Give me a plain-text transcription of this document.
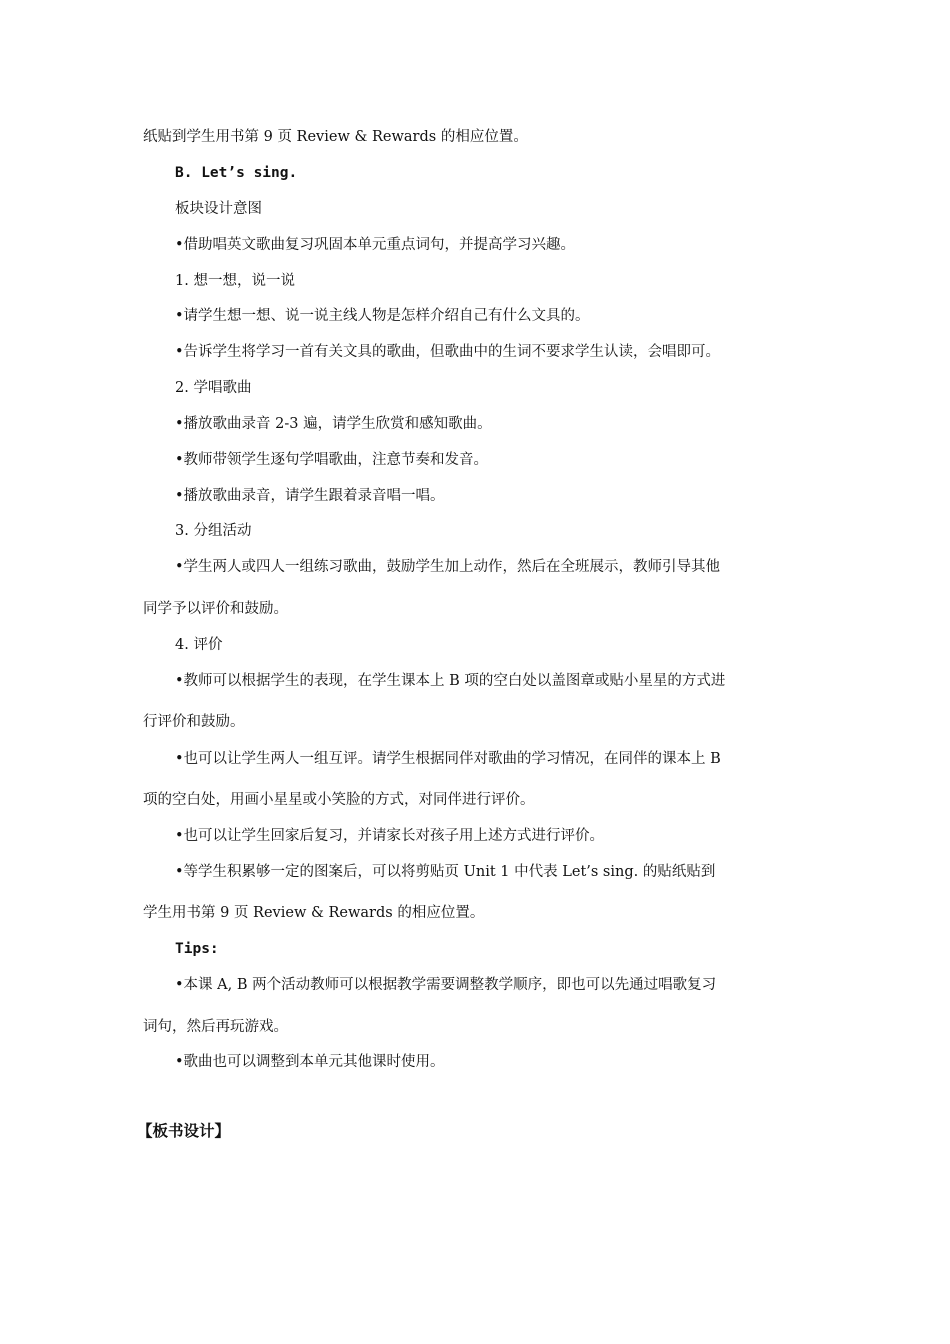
纸贴到学生用书第 9 页 Review & Rewards 的相应位置。
B. Let’s sing.
板块设计意图
•借助唱英文歌曲复习巩固本单元重点词句，并提高学习兴趣。
1. 想一想，说一说
•请学生想一想、说一说主线人物是怎样介绍自己有什么文具的。
•告诉学生将学习一首有关文具的歌曲，但歌曲中的生词不要求学生认读，会唱即可。
2. 学唱歌曲
•播放歌曲录音 2-3 遍，请学生欣赏和感知歌曲。
•教师带领学生逐句学唱歌曲，注意节奏和发音。
•播放歌曲录音，请学生跟着录音唱一唱。
3. 分组活动
•学生两人或四人一组练习歌曲，鼓励学生加上动作，然后在全班展示，教师引导其他
同学予以评价和鼓励。
4. 评价
•教师可以根据学生的表现，在学生课本上 B 项的空白处以盖图章或贴小星星的方式进
行评价和鼓励。
•也可以让学生两人一组互评。请学生根据同伴对歌曲的学习情况，在同伴的课本上 B
项的空白处，用画小星星或小笑脸的方式，对同伴进行评价。
•也可以让学生回家后复习，并请家长对孩子用上述方式进行评价。
•等学生积累够一定的图案后，可以将剪贴页 Unit 1 中代表 Let’s sing. 的贴纸贴到
学生用书第 9 页 Review & Rewards 的相应位置。
Tips:
•本课 A, B 两个活动教师可以根据教学需要调整教学顺序，即也可以先通过唱歌复习
词句，然后再玩游戏。
•歌曲也可以调整到本单元其他课时使用。
【板书设计】
